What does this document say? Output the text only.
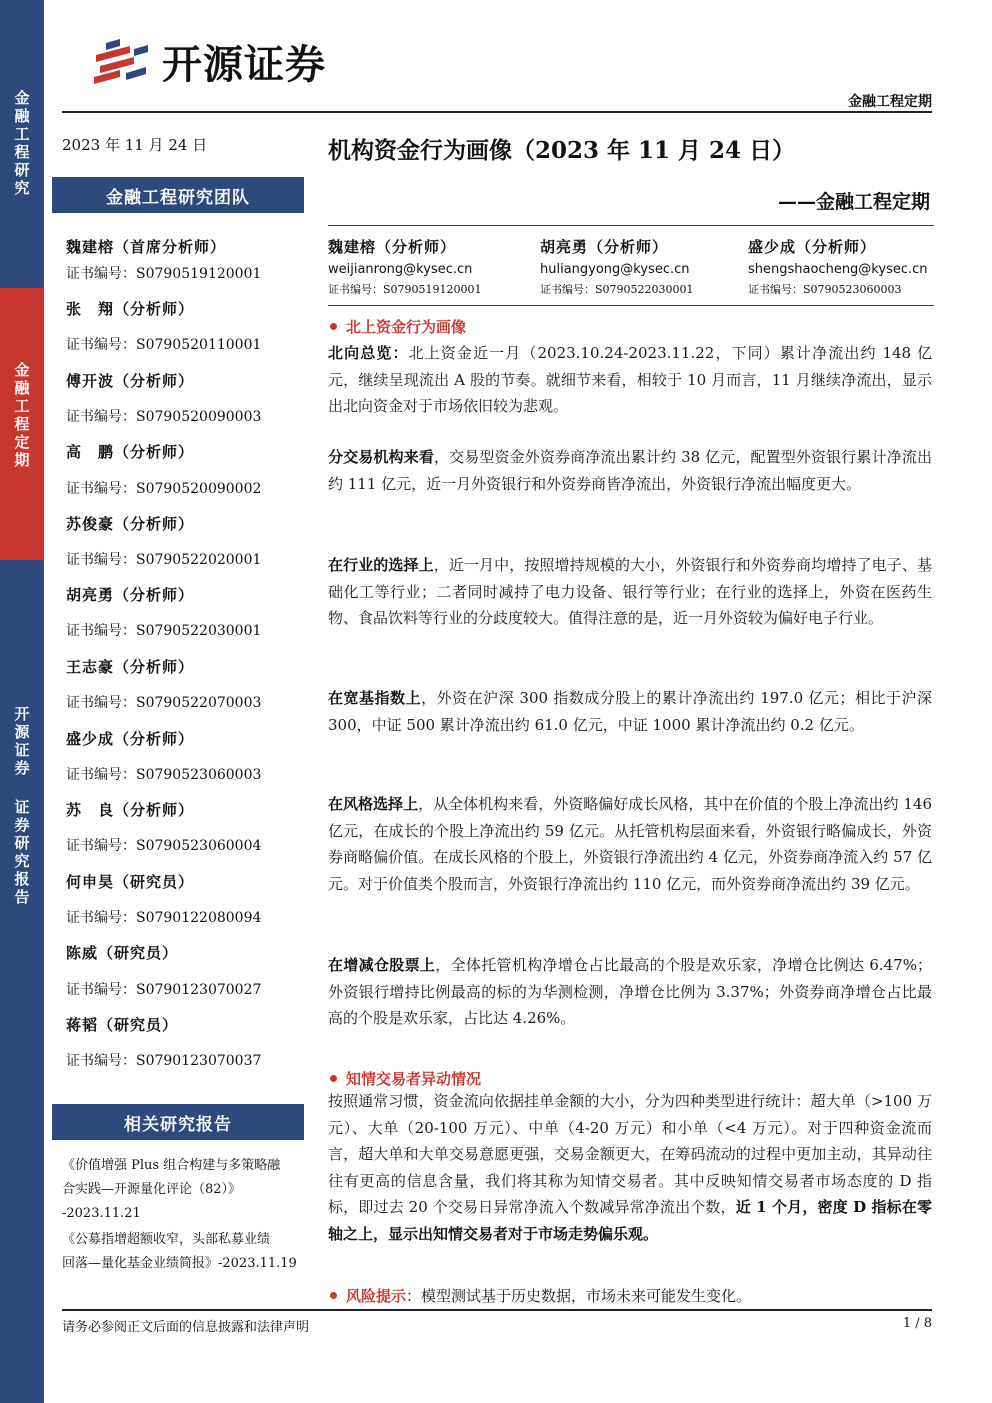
金融工程研究
金融工程定期
开源证券 证券研究报告
开源证券
金融工程定期
2023 年 11 月 24 日
金融工程研究团队
魏建榕（首席分析师）
证书编号：S0790519120001
张　翔（分析师）
证书编号：S0790520110001
傅开波（分析师）
证书编号：S0790520090003
高　鹏（分析师）
证书编号：S0790520090002
苏俊豪（分析师）
证书编号：S0790522020001
胡亮勇（分析师）
证书编号：S0790522030001
王志豪（分析师）
证书编号：S0790522070003
盛少成（分析师）
证书编号：S0790523060003
苏　良（分析师）
证书编号：S0790523060004
何申昊（研究员）
证书编号：S0790122080094
陈威（研究员）
证书编号：S0790123070027
蒋韬（研究员）
证书编号：S0790123070037
相关研究报告
《价值增强 Plus 组合构建与多策略融
合实践—开源量化评论（82）》
-2023.11.21
《公募指增超额收窄，头部私募业绩
回落—量化基金业绩简报》-2023.11.19
机构资金行为画像（2023 年 11 月 24 日）
——金融工程定期
魏建榕（分析师）
weijianrong@kysec.cn
证书编号：S0790519120001
胡亮勇（分析师）
huliangyong@kysec.cn
证书编号：S0790522030001
盛少成（分析师）
shengshaocheng@kysec.cn
证书编号：S0790523060003
北上资金行为画像
北向总览：北上资金近一月（2023.10.24-2023.11.22，下同）累计净流出约 148 亿元，继续呈现流出 A 股的节奏。就细节来看，相较于 10 月而言，11 月继续净流出，显示出北向资金对于市场依旧较为悲观。
分交易机构来看，交易型资金外资券商净流出累计约 38 亿元，配置型外资银行累计净流出约 111 亿元，近一月外资银行和外资券商皆净流出，外资银行净流出幅度更大。
在行业的选择上，近一月中，按照增持规模的大小，外资银行和外资券商均增持了电子、基础化工等行业；二者同时减持了电力设备、银行等行业；在行业的选择上，外资在医药生物、食品饮料等行业的分歧度较大。值得注意的是，近一月外资较为偏好电子行业。
在宽基指数上，外资在沪深 300 指数成分股上的累计净流出约 197.0 亿元；相比于沪深 300，中证 500 累计净流出约 61.0 亿元，中证 1000 累计净流出约 0.2 亿元。
在风格选择上，从全体机构来看，外资略偏好成长风格，其中在价值的个股上净流出约 146 亿元，在成长的个股上净流出约 59 亿元。从托管机构层面来看，外资银行略偏成长，外资券商略偏价值。在成长风格的个股上，外资银行净流出约 4 亿元，外资券商净流入约 57 亿元。对于价值类个股而言，外资银行净流出约 110 亿元，而外资券商净流出约 39 亿元。
在增减仓股票上，全体托管机构净增仓占比最高的个股是欢乐家，净增仓比例达 6.47%；外资银行增持比例最高的标的为华测检测，净增仓比例为 3.37%；外资券商净增仓占比最高的个股是欢乐家，占比达 4.26%。
知情交易者异动情况
按照通常习惯，资金流向依据挂单金额的大小，分为四种类型进行统计：超大单（>100 万元）、大单（20-100 万元）、中单（4-20 万元）和小单（<4 万元）。对于四种资金流而言，超大单和大单交易意愿更强，交易金额更大，在筹码流动的过程中更加主动，其异动往往有更高的信息含量，我们将其称为知情交易者。其中反映知情交易者市场态度的 D 指标，即过去 20 个交易日异常净流入个数减异常净流出个数，近 1 个月，密度 D 指标在零轴之上，显示出知情交易者对于市场走势偏乐观。
风险提示 ：模型测试基于历史数据，市场未来可能发生变化。
请务必参阅正文后面的信息披露和法律声明	1 / 8
